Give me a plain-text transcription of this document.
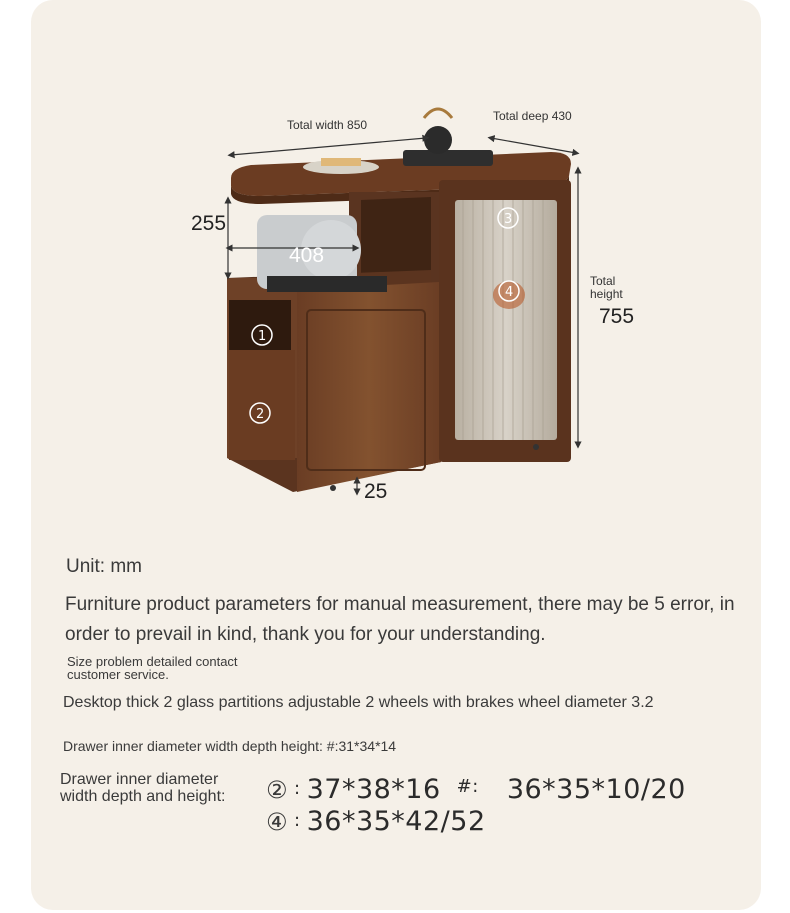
Total width 850
Total deep 430
Total
height
755
255
408
25
1
2
3
4

Unit: mm

Furniture product parameters for manual measurement, there may be 5 error, in order to prevail in kind, thank you for your understanding.

Size problem detailed contact
customer service.

Desktop thick 2 glass partitions adjustable 2 wheels with brakes wheel diameter 3.2

Drawer inner diameter width depth height: #:31*34*14

Drawer inner diameter
width depth and height:	② : 37*38*16 #: 36*35*10/20
④ : 36*35*42/52
